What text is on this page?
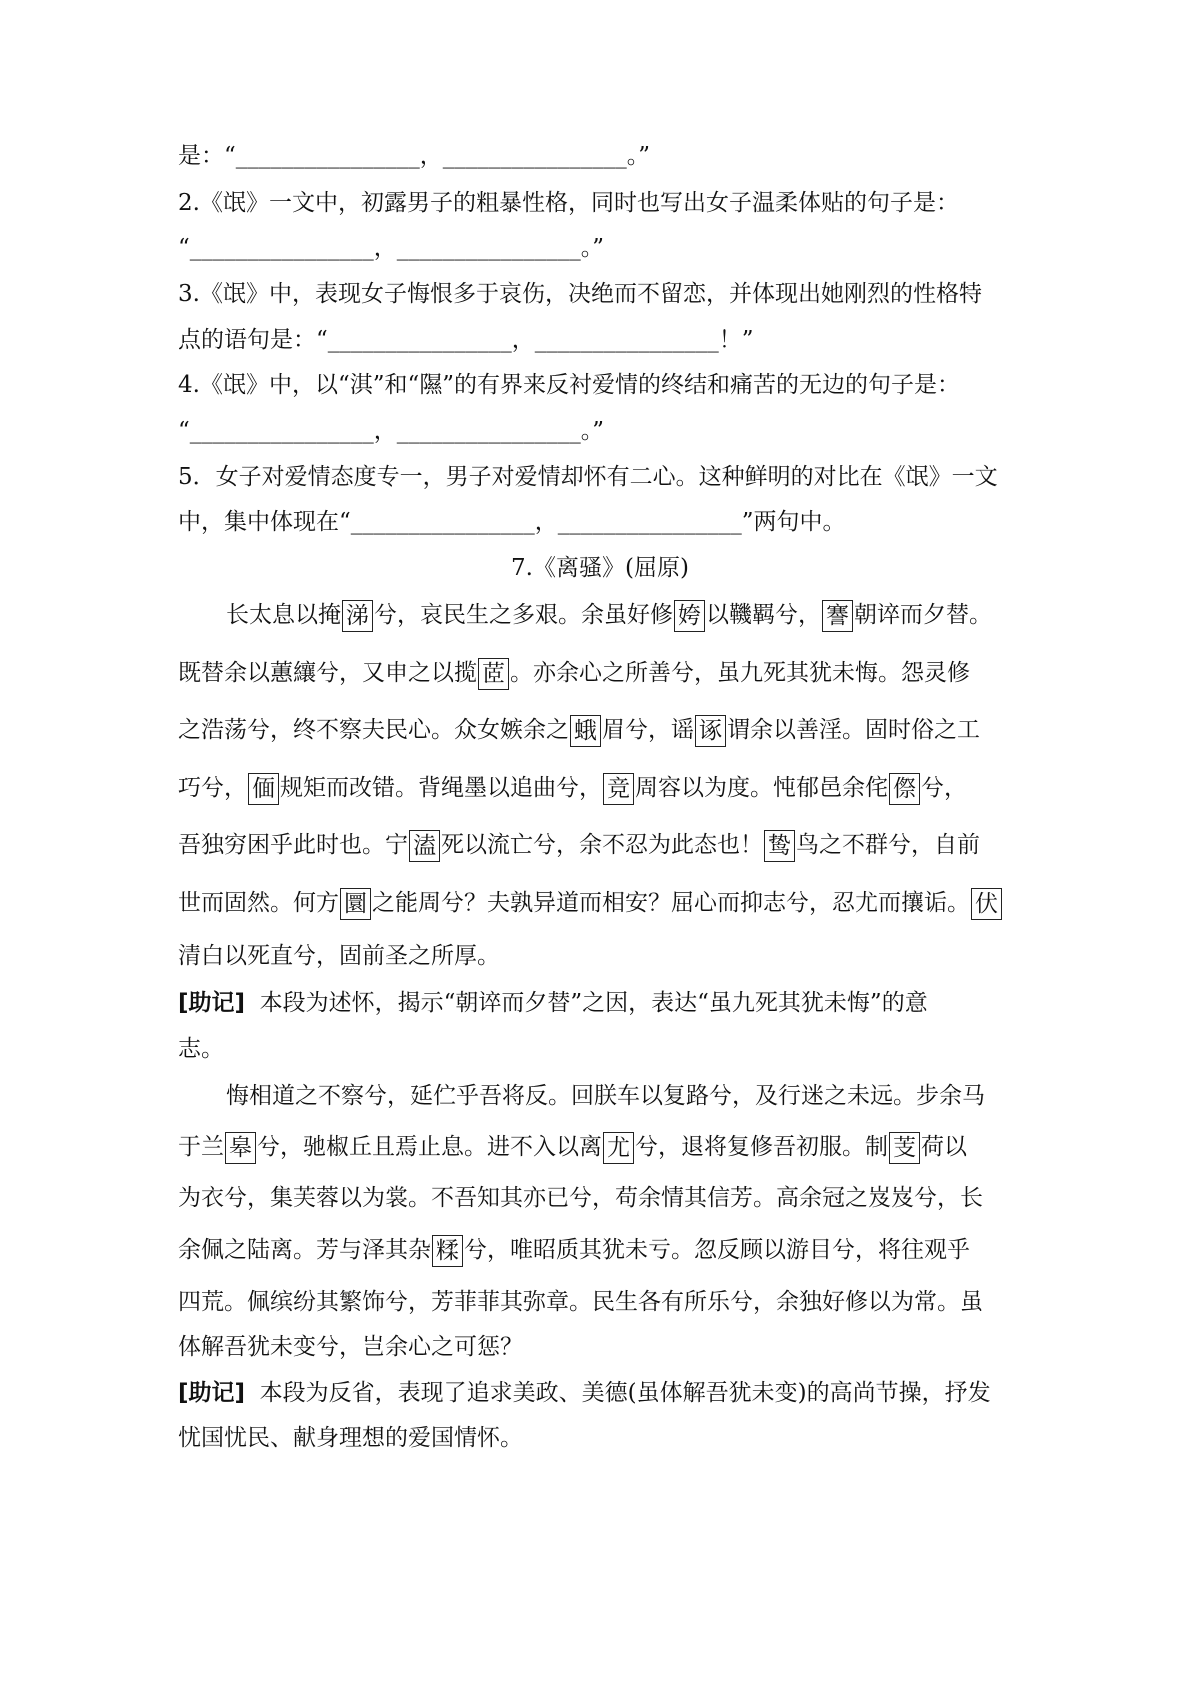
是：“________________，________________。”
2.《氓》一文中，初露男子的粗暴性格，同时也写出女子温柔体贴的句子是：
“________________，________________。”
3.《氓》中，表现女子悔恨多于哀伤，决绝而不留恋，并体现出她刚烈的性格特
点的语句是：“________________，________________！”
4.《氓》中，以“淇”和“隰”的有界来反衬爱情的终结和痛苦的无边的句子是：
“________________，________________。”
5．女子对爱情态度专一，男子对爱情却怀有二心。这种鲜明的对比在《氓》一文
中，集中体现在“________________，________________”两句中。
7.《离骚》(屈原)
长太息以掩 涕 兮，哀民生之多艰。余虽好修 姱 以鞿羁兮， 謇 朝谇而夕替。
既替余以蕙纕兮，又申之以揽 茝 。亦余心之所善兮，虽九死其犹未悔。怨灵修
之浩荡兮，终不察夫民心。众女嫉余之 蛾 眉兮，谣 诼 谓余以善淫。固时俗之工
巧兮， 偭 规矩而改错。背绳墨以追曲兮， 竞 周容以为度。忳郁邑余侘 傺 兮，
吾独穷困乎此时也。宁 溘 死以流亡兮，余不忍为此态也！ 鸷 鸟之不群兮，自前
世而固然。何方 圜 之能周兮？夫孰异道而相安？屈心而抑志兮，忍尤而攘诟。 伏
清白以死直兮，固前圣之所厚。
[助记] 本段为述怀，揭示“朝谇而夕替”之因，表达“虽九死其犹未悔”的意
志。
悔相道之不察兮，延伫乎吾将反。回朕车以复路兮，及行迷之未远。步余马
于兰 皋 兮，驰椒丘且焉止息。进不入以离 尤 兮，退将复修吾初服。制 芰 荷以
为衣兮，集芙蓉以为裳。不吾知其亦已兮，苟余情其信芳。高余冠之岌岌兮，长
余佩之陆离。芳与泽其杂 糅 兮，唯昭质其犹未亏。忽反顾以游目兮，将往观乎
四荒。佩缤纷其繁饰兮，芳菲菲其弥章。民生各有所乐兮，余独好修以为常。虽
体解吾犹未变兮，岂余心之可惩？
[助记] 本段为反省，表现了追求美政、美德(虽体解吾犹未变)的高尚节操，抒发
忧国忧民、献身理想的爱国情怀。
